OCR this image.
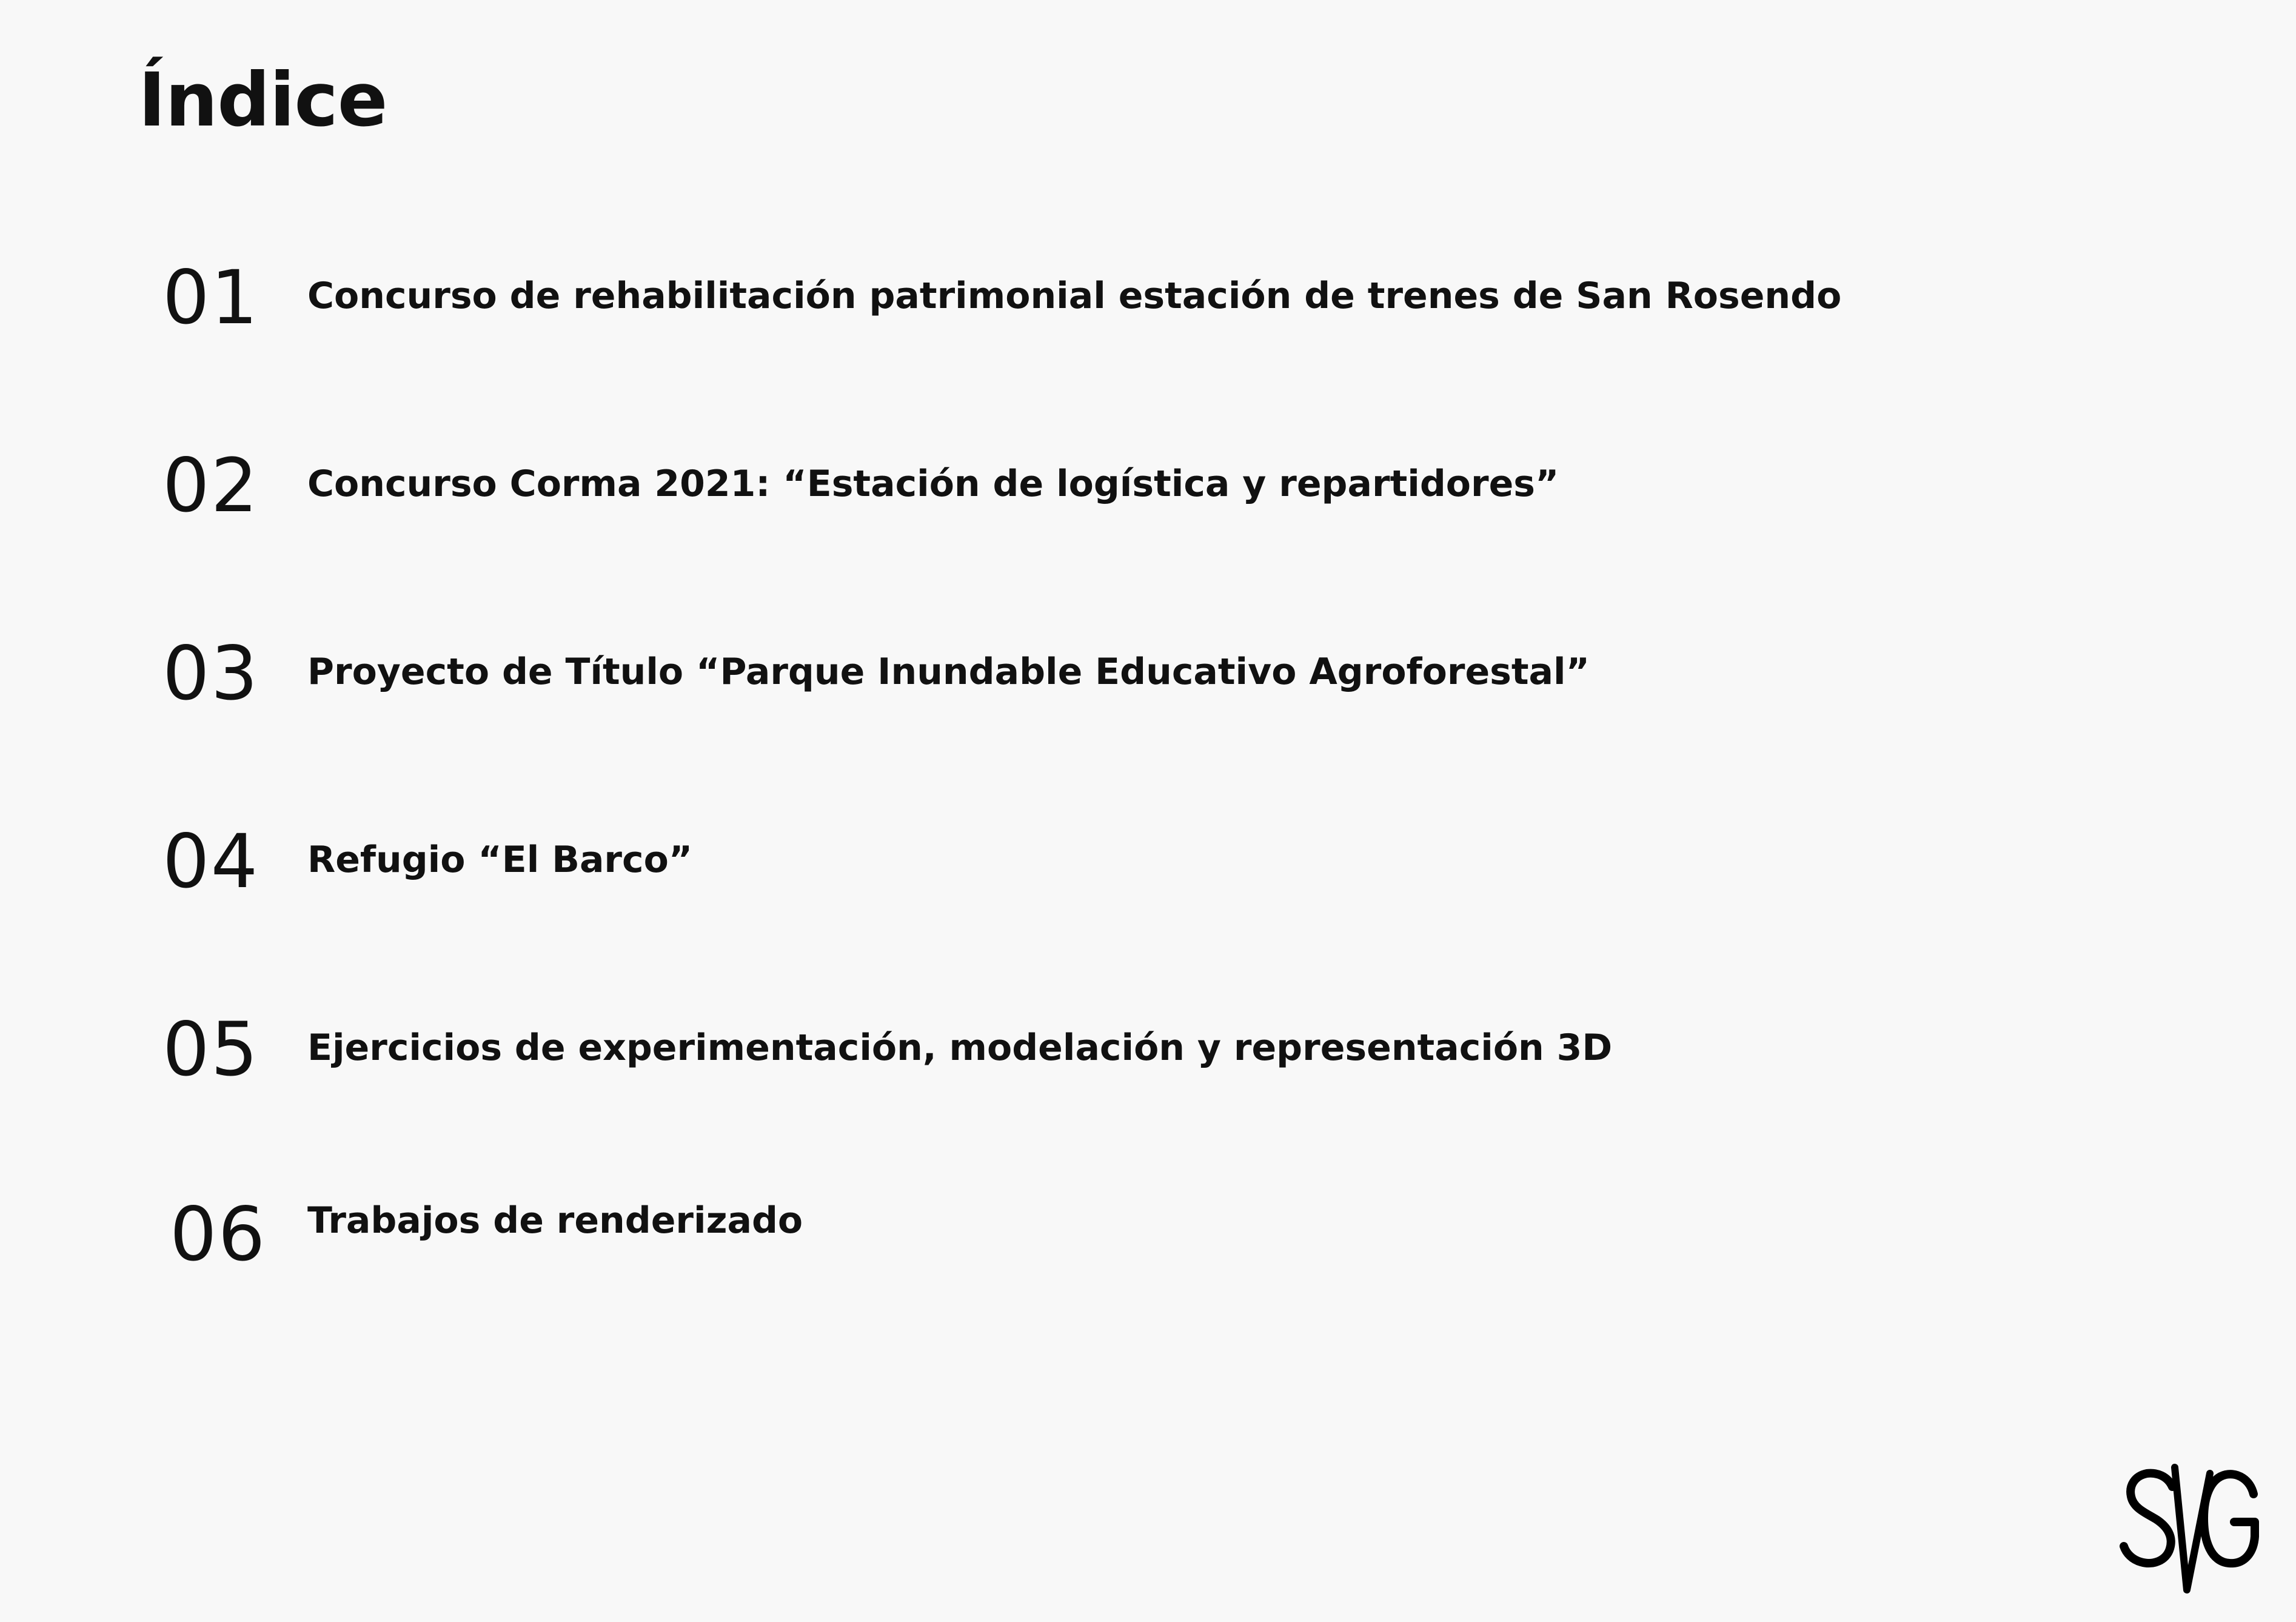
Índice
01 Concurso de rehabilitación patrimonial estación de trenes de San Rosendo
02 Concurso Corma 2021: “Estación de logística y repartidores”
03 Proyecto de Título “Parque Inundable Educativo Agroforestal”
04 Refugio “El Barco”
05 Ejercicios de experimentación, modelación y representación 3D
06 Trabajos de renderizado
